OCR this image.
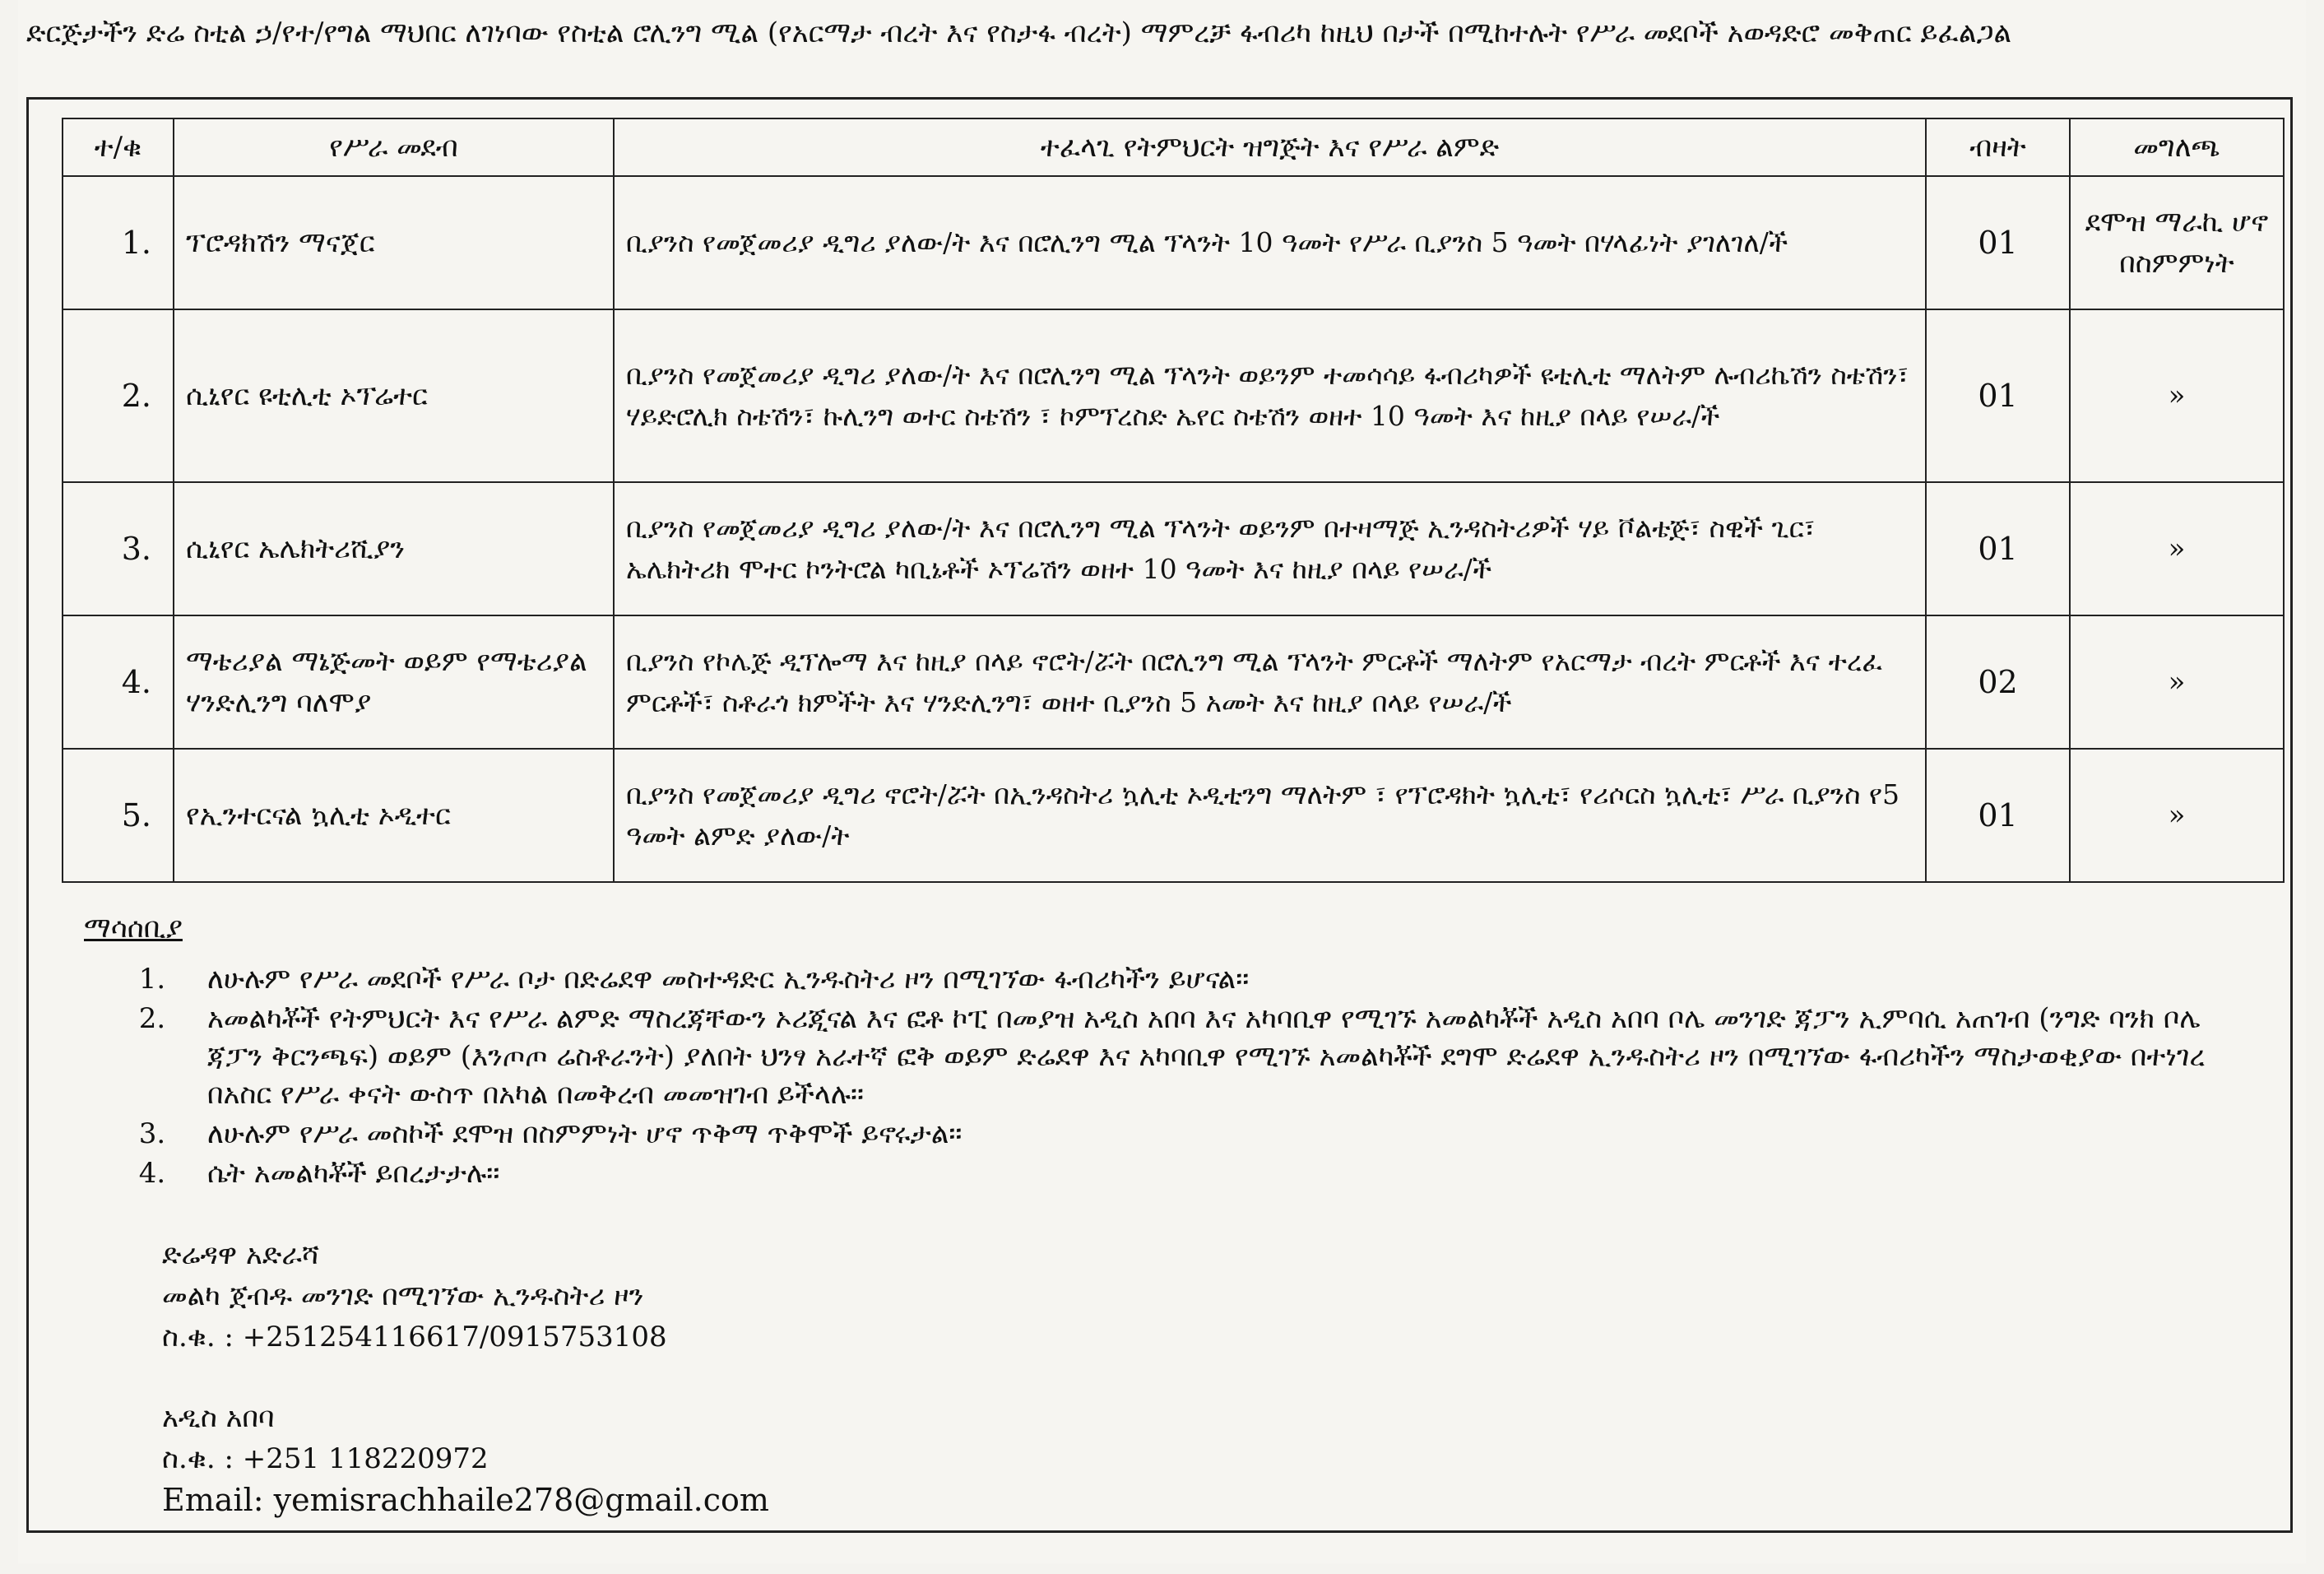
ድርጅታችን ድሬ ስቲል ኃ/የተ/የግል ማህበር ለገነባው የስቲል ሮሊንግ ሚል (የአርማታ ብረት እና የስታፋ ብረት) ማምረቻ ፋብሪካ ከዚህ በታች በሚከተሉት የሥራ መደቦች አወዳድሮ መቅጠር ይፈልጋል
ተ/ቁ	የሥራ መደብ	ተፈላጊ የትምህርት ዝግጅት እና የሥራ ልምድ	ብዛት	መግለጫ
1.	ፕሮዳክሽን ማናጀር	ቢያንስ የመጀመሪያ ዲግሪ ያለው/ት እና በሮሊንግ ሚል ፕላንት 10 ዓመት የሥራ ቢያንስ 5 ዓመት በሃላፊነት ያገለገለ/ች	01	ደሞዝ ማራኪ ሆኖ በስምምነት
2.	ሲኒየር ዩቲሊቲ ኦፕሬተር	ቢያንስ የመጀመሪያ ዲግሪ ያለው/ት እና በሮሊንግ ሚል ፕላንት ወይንም ተመሳሳይ ፋብሪካዎች ዩቲሊቲ ማለትም ሉብሪኬሽን ስቴሽን፣ ሃይድሮሊክ ስቴሽን፣ ኩሊንግ ወተር ስቴሽን ፣ ኮምፕረስድ ኤየር ስቴሽን ወዘተ 10 ዓመት እና ከዚያ በላይ የሠራ/ች	01	»
3.	ሲኒየር ኤሌክትሪሺያን	ቢያንስ የመጀመሪያ ዲግሪ ያለው/ት እና በሮሊንግ ሚል ፕላንት ወይንም በተዛማጅ ኢንዳስትሪዎች ሃይ ቮልቴጅ፣ ስዊች ጊር፣ ኤሌክትሪክ ሞተር ኮንትሮል ካቢኔቶች ኦፕሬሽን ወዘተ 10 ዓመት እና ከዚያ በላይ የሠራ/ች	01	»
4.	ማቴሪያል ማኔጅመት ወይም የማቴሪያል ሃንድሊንግ ባለሞያ	ቢያንስ የኮሌጅ ዲፕሎማ እና ከዚያ በላይ ኖሮት/ሯት በሮሊንግ ሚል ፕላንት ምርቶች ማለትም የአርማታ ብረት ምርቶች እና ተረፈ ምርቶች፣ ስቶራጎ ክምችት እና ሃንድሊንግ፣ ወዘተ ቢያንስ 5 አመት እና ከዚያ በላይ የሠራ/ች	02	»
5.	የኢንተርናል ኳሊቲ ኦዲተር	ቢያንስ የመጀመሪያ ዲግሪ ኖሮት/ሯት በኢንዳስትሪ ኳሊቲ ኦዲቲንግ ማለትም ፣ የፕሮዳክት ኳሊቲ፣ የሪሶርስ ኳሊቲ፣ ሥራ ቢያንስ የ5 ዓመት ልምድ ያለው/ት	01	»
ማሳሰቢያ
1. ለሁሉም የሥራ መደቦች የሥራ ቦታ በድሬደዋ መስተዳድር ኢንዱስትሪ ዞን በሚገኘው ፋብሪካችን ይሆናል፡፡
2. አመልካቾች የትምህርት እና የሥራ ልምድ ማስረጃቸውን ኦሪጂናል እና ፎቶ ኮፒ በመያዝ አዲስ አበባ እና አካባቢዋ የሚገኙ አመልካቾች አዲስ አበባ ቦሌ መንገድ ጃፓን ኢምባሲ አጠገብ (ንግድ ባንክ ቦሌ ጃፓን ቅርንጫፍ) ወይም (እንጦጦ ሬስቶራንት) ያለበት ህንፃ አራተኛ ፎቅ ወይም ድሬደዋ እና አካባቢዋ የሚገኙ አመልካቾች ደግሞ ድሬደዋ ኢንዱስትሪ ዞን በሚገኘው ፋብሪካችን ማስታወቂያው በተነገረ በአስር የሥራ ቀናት ውስጥ በአካል በመቅረብ መመዝገብ ይችላሉ፡፡
3. ለሁሉም የሥራ መስኮች ደሞዝ በስምምነት ሆኖ ጥቅማ ጥቅሞች ይኖሩታል፡፡
4. ሴት አመልካቾች ይበረታታሉ፡፡
ድሬዳዋ አድራሻ
መልካ ጀብዱ መንገድ በሚገኘው ኢንዱስትሪ ዞን
ስ.ቁ. : +251254116617/0915753108
አዲስ አበባ
ስ.ቁ. : +251 118220972
Email: yemisrachhaile278@gmail.com
